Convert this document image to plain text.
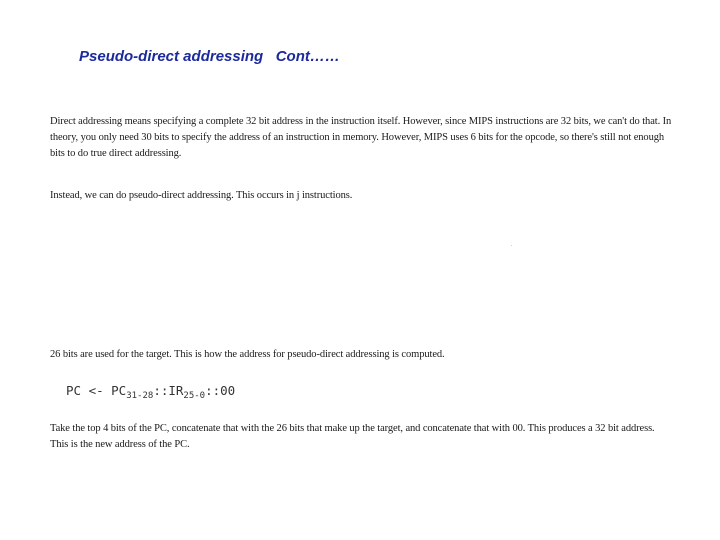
Pseudo-direct addressing   Cont……

Direct addressing means specifying a complete 32 bit address in the instruction itself. However, since MIPS instructions are 32 bits, we can't do that. In theory, you only need 30 bits to specify the address of an instruction in memory. However, MIPS uses 6 bits for the opcode, so there's still not enough bits to do true direct addressing.

Instead, we can do pseudo-direct addressing. This occurs in j instructions.

26 bits are used for the target. This is how the address for pseudo-direct addressing is computed.

PC <- $PC_{31-28}::IR_{25-0}::00$

Take the top 4 bits of the PC, concatenate that with the 26 bits that make up the target, and concatenate that with 00. This produces a 32 bit address. This is the new address of the PC.
